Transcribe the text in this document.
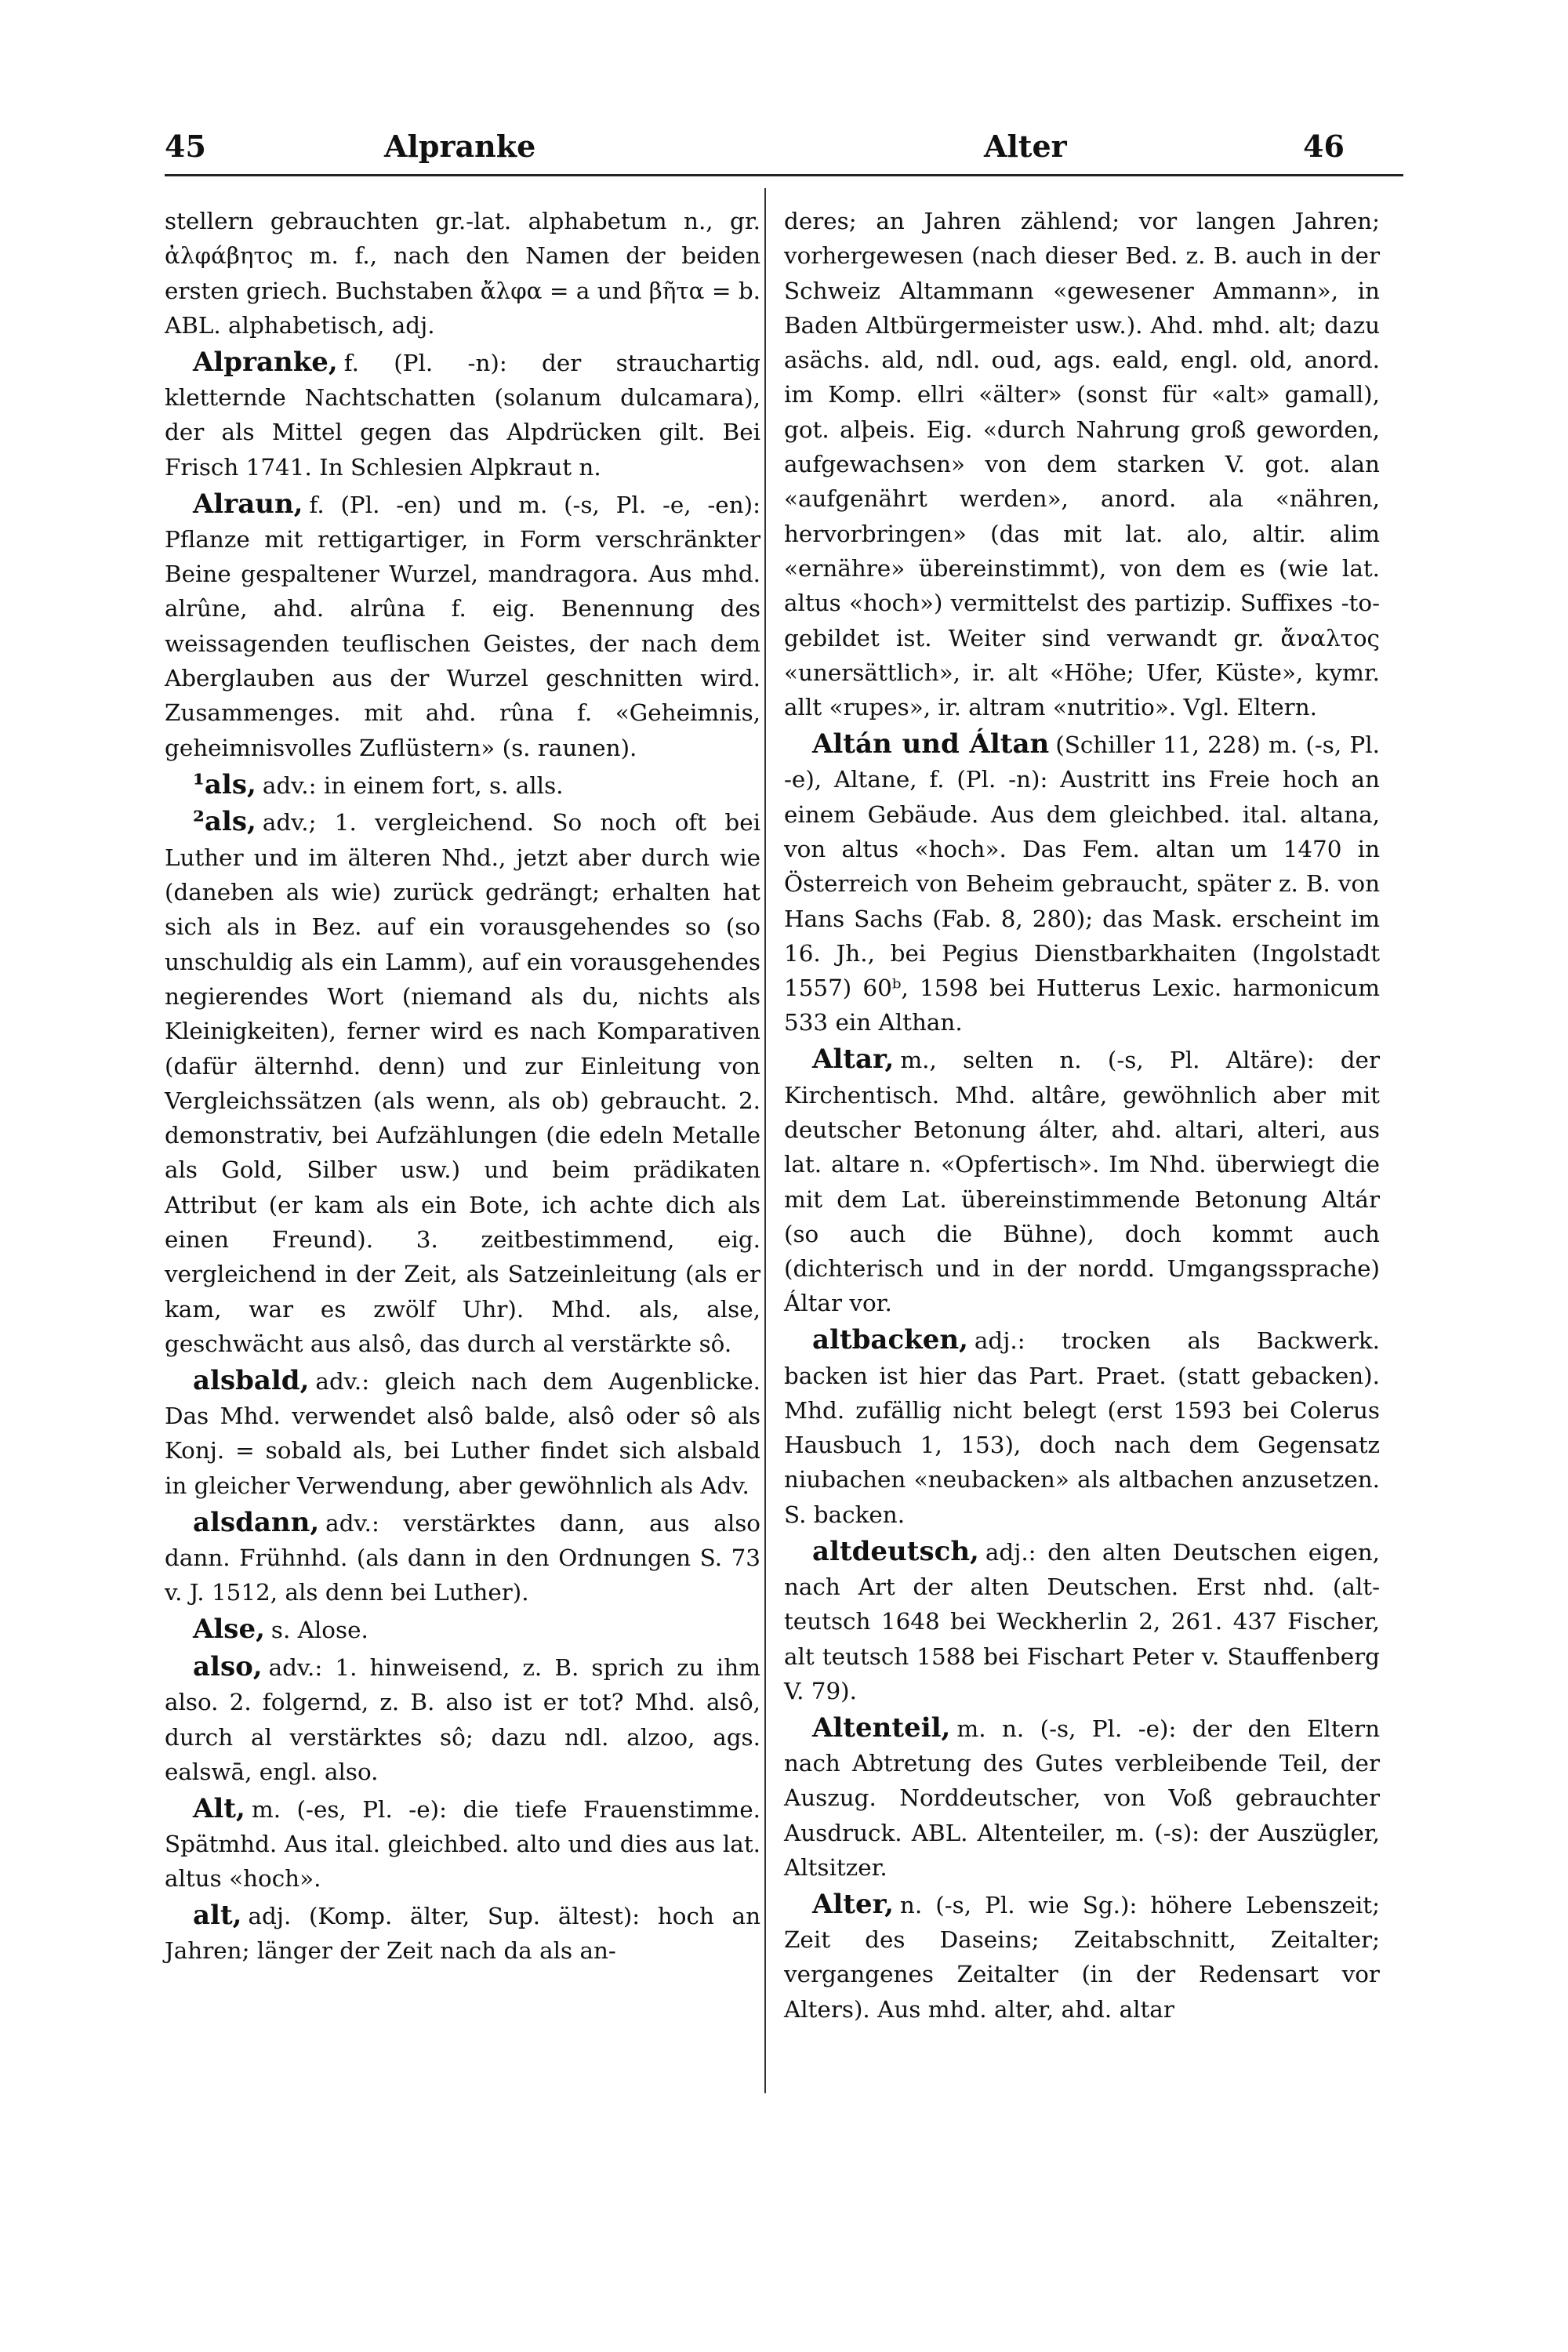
45	Alpranke	Alter	46

stellern gebrauchten gr.-lat. alphabetum n., gr. ἀλφάβητος m. f., nach den Namen der beiden ersten griech. Buchstaben ἄλφα = a und βῆτα = b. ABL. alphabetisch, adj.

Alpranke, f. (Pl. -n): der strauchartig kletternde Nachtschatten (solanum dulcamara), der als Mittel gegen das Alpdrücken gilt. Bei Frisch 1741. In Schlesien Alpkraut n.

Alraun, f. (Pl. -en) und m. (-s, Pl. -e, -en): Pflanze mit rettigartiger, in Form verschränkter Beine gespaltener Wurzel, mandragora. Aus mhd. alrûne, ahd. alrûna f. eig. Benennung des weissagenden teuflischen Geistes, der nach dem Aberglauben aus der Wurzel geschnitten wird. Zusammenges. mit ahd. rûna f. «Geheimnis, geheimnisvolles Zuflüstern» (s. raunen).

¹als, adv.: in einem fort, s. alls.

²als, adv.; 1. vergleichend. So noch oft bei Luther und im älteren Nhd., jetzt aber durch wie (daneben als wie) zurück gedrängt; erhalten hat sich als in Bez. auf ein vorausgehendes so (so unschuldig als ein Lamm), auf ein vorausgehendes negierendes Wort (niemand als du, nichts als Kleinigkeiten), ferner wird es nach Komparativen (dafür älternhd. denn) und zur Einleitung von Vergleichssätzen (als wenn, als ob) gebraucht. 2. demonstrativ, bei Aufzählungen (die edeln Metalle als Gold, Silber usw.) und beim prädikaten Attribut (er kam als ein Bote, ich achte dich als einen Freund). 3. zeitbestimmend, eig. vergleichend in der Zeit, als Satzeinleitung (als er kam, war es zwölf Uhr). Mhd. als, alse, geschwächt aus alsô, das durch al verstärkte sô.

alsbald, adv.: gleich nach dem Augenblicke. Das Mhd. verwendet alsô balde, alsô oder sô als Konj. = sobald als, bei Luther findet sich alsbald in gleicher Verwendung, aber gewöhnlich als Adv.

alsdann, adv.: verstärktes dann, aus also dann. Frühnhd. (als dann in den Ordnungen S. 73 v. J. 1512, als denn bei Luther).

Alse, s. Alose.

also, adv.: 1. hinweisend, z. B. sprich zu ihm also. 2. folgernd, z. B. also ist er tot? Mhd. alsô, durch al verstärktes sô; dazu ndl. alzoo, ags. ealswā, engl. also.

Alt, m. (-es, Pl. -e): die tiefe Frauenstimme. Spätmhd. Aus ital. gleichbed. alto und dies aus lat. altus «hoch».

alt, adj. (Komp. älter, Sup. ältest): hoch an Jahren; länger der Zeit nach da als an-

deres; an Jahren zählend; vor langen Jahren; vorhergewesen (nach dieser Bed. z. B. auch in der Schweiz Altammann «gewesener Ammann», in Baden Altbürgermeister usw.). Ahd. mhd. alt; dazu asächs. ald, ndl. oud, ags. eald, engl. old, anord. im Komp. ellri «älter» (sonst für «alt» gamall), got. alþeis. Eig. «durch Nahrung groß geworden, aufgewachsen» von dem starken V. got. alan «aufgenährt werden», anord. ala «nähren, hervorbringen» (das mit lat. alo, altir. alim «ernähre» übereinstimmt), von dem es (wie lat. altus «hoch») vermittelst des partizip. Suffixes -to- gebildet ist. Weiter sind verwandt gr. ἄναλτος «unersättlich», ir. alt «Höhe; Ufer, Küste», kymr. allt «rupes», ir. altram «nutritio». Vgl. Eltern.

Altán und Áltan (Schiller 11, 228) m. (-s, Pl. -e), Altane, f. (Pl. -n): Austritt ins Freie hoch an einem Gebäude. Aus dem gleichbed. ital. altana, von altus «hoch». Das Fem. altan um 1470 in Österreich von Beheim gebraucht, später z. B. von Hans Sachs (Fab. 8, 280); das Mask. erscheint im 16. Jh., bei Pegius Dienstbarkhaiten (Ingolstadt 1557) 60ᵇ, 1598 bei Hutterus Lexic. harmonicum 533 ein Althan.

Altar, m., selten n. (-s, Pl. Altäre): der Kirchentisch. Mhd. altâre, gewöhnlich aber mit deutscher Betonung álter, ahd. altari, alteri, aus lat. altare n. «Opfertisch». Im Nhd. überwiegt die mit dem Lat. übereinstimmende Betonung Altár (so auch die Bühne), doch kommt auch (dichterisch und in der nordd. Umgangssprache) Áltar vor.

altbacken, adj.: trocken als Backwerk. backen ist hier das Part. Praet. (statt gebacken). Mhd. zufällig nicht belegt (erst 1593 bei Colerus Hausbuch 1, 153), doch nach dem Gegensatz niubachen «neubacken» als altbachen anzusetzen. S. backen.

altdeutsch, adj.: den alten Deutschen eigen, nach Art der alten Deutschen. Erst nhd. (alt-teutsch 1648 bei Weckherlin 2, 261. 437 Fischer, alt teutsch 1588 bei Fischart Peter v. Stauffenberg V. 79).

Altenteil, m. n. (-s, Pl. -e): der den Eltern nach Abtretung des Gutes verbleibende Teil, der Auszug. Norddeutscher, von Voß gebrauchter Ausdruck. ABL. Altenteiler, m. (-s): der Auszügler, Altsitzer.

Alter, n. (-s, Pl. wie Sg.): höhere Lebenszeit; Zeit des Daseins; Zeitabschnitt, Zeitalter; vergangenes Zeitalter (in der Redensart vor Alters). Aus mhd. alter, ahd. altar
